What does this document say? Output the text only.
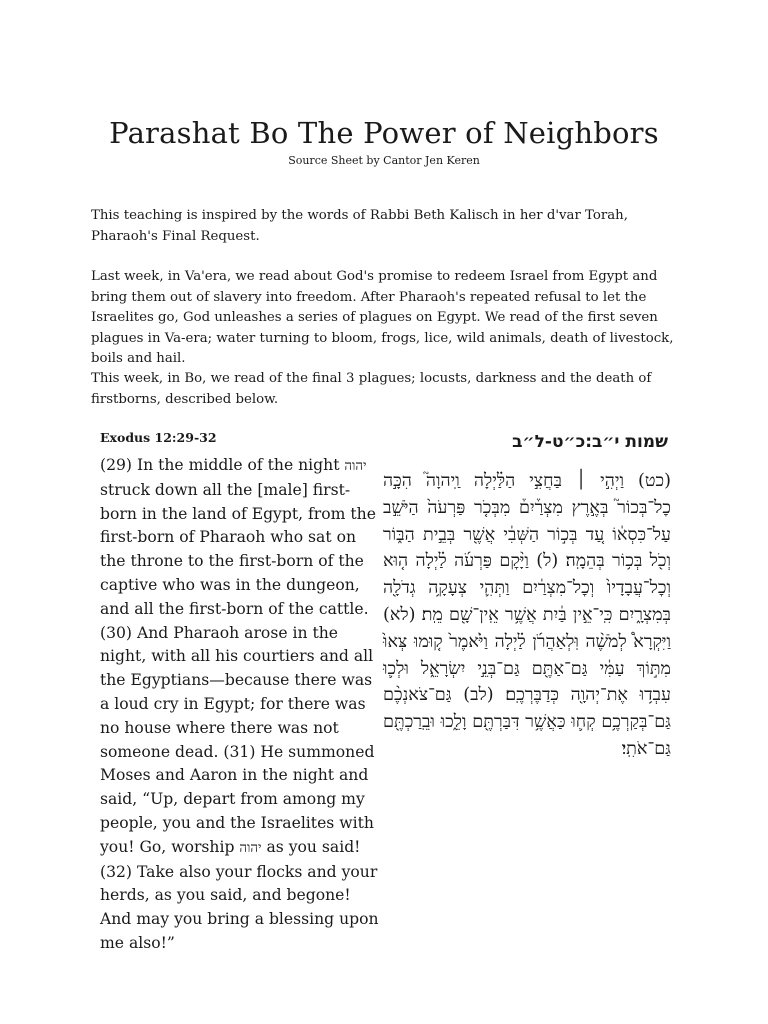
Parashat Bo The Power of Neighbors
Source Sheet by Cantor Jen Keren

This teaching is inspired by the words of Rabbi Beth Kalisch in her d'var Torah, Pharaoh's Final Request.

Last week, in Va'era, we read about God's promise to redeem Israel from Egypt and bring them out of slavery into freedom. After Pharaoh's repeated refusal to let the Israelites go, God unleashes a series of plagues on Egypt. We read of the first seven plagues in Va-era; water turning to bloom, frogs, lice, wild animals, death of livestock, boils and hail.

This week, in Bo, we read of the final 3 plagues; locusts, darkness and the death of firstborns, described below.

Exodus 12:29-32
(29) In the middle of the night יהוה struck down all the [male] first-born in the land of Egypt, from the first-born of Pharaoh who sat on the throne to the first-born of the captive who was in the dungeon, and all the first-born of the cattle. (30) And Pharaoh arose in the night, with all his courtiers and all the Egyptians—because there was a loud cry in Egypt; for there was no house where there was not someone dead. (31) He summoned Moses and Aaron in the night and said, “Up, depart from among my people, you and the Israelites with you! Go, worship יהוה as you said! (32) Take also your flocks and your herds, as you said, and begone! And may you bring a blessing upon me also!”
שמות י״ב:כ״ט-ל״ב
(כט) וַיְהִ֣י ׀ בַּחֲצִ֣י הַלַּ֗יְלָה וַֽיהוָה֮ הִכָּ֣ה כׇל־בְּכוֹר֮ בְּאֶ֣רֶץ מִצְרַ֒יִם֒ מִבְּכֹ֤ר פַּרְעֹה֙ הַיֹּשֵׁ֣ב עַל־כִּסְא֔וֹ עַ֚ד בְּכ֣וֹר הַשְּׁבִ֔י אֲשֶׁ֖ר בְּבֵ֣ית הַבּ֑וֹר וְכֹ֖ל בְּכ֥וֹר בְּהֵמָֽה׃ (ל) וַיָּ֨קׇם פַּרְעֹ֜ה לַ֗יְלָה ה֤וּא וְכׇל־עֲבָדָיו֙ וְכׇל־מִצְרַ֔יִם וַתְּהִ֛י צְעָקָ֥ה גְדֹלָ֖ה בְּמִצְרָ֑יִם כִּֽי־אֵ֣ין בַּ֔יִת אֲשֶׁ֥ר אֵֽין־שָׁ֖ם מֵֽת׃ (לא) וַיִּקְרָא֩ לְמֹשֶׁ֨ה וּֽלְאַהֲרֹ֜ן לַ֗יְלָה וַיֹּ֙אמֶר֙ ק֤וּמוּ צְּאוּ֙ מִתּ֣וֹךְ עַמִּ֔י גַּם־אַתֶּ֖ם גַּם־בְּנֵ֣י יִשְׂרָאֵ֑ל וּלְכ֛וּ עִבְד֥וּ אֶת־יְהוָ֖ה כְּדַבֶּרְכֶֽם׃ (לב) גַּם־צֹאנְכֶ֨ם גַּם־בְּקַרְכֶ֥ם קְח֛וּ כַּאֲשֶׁ֥ר דִּבַּרְתֶּ֖ם וָלֵ֑כוּ וּבֵֽרַכְתֶּ֖ם גַּם־אֹתִֽי׃
